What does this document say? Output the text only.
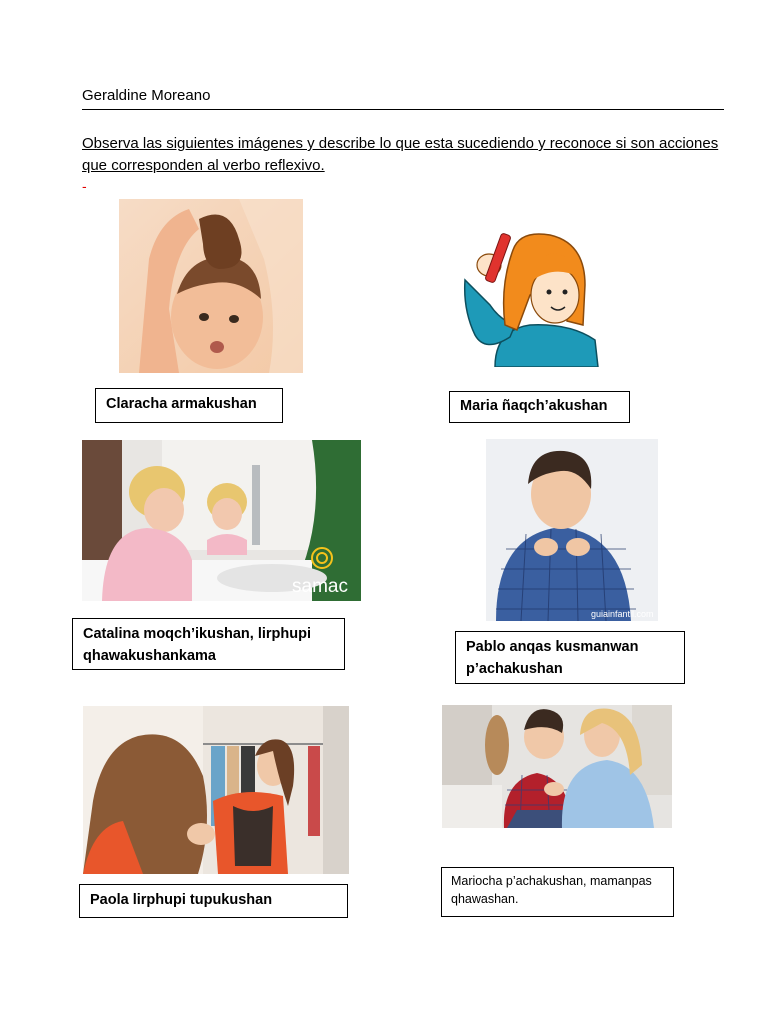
Geraldine Moreano
Observa las siguientes imágenes y describe lo que esta sucediendo y reconoce si son acciones que corresponden al verbo reflexivo.
-
Claracha armakushan	Maria ñaqch’akushan
samac
Catalina moqch’ikushan, lirphupi qhawakushankama
guiainfantil.com
Pablo anqas kusmanwan p’achakushan
Paola lirphupi tupukushan
Mariocha p’achakushan, mamanpas qhawashan.
